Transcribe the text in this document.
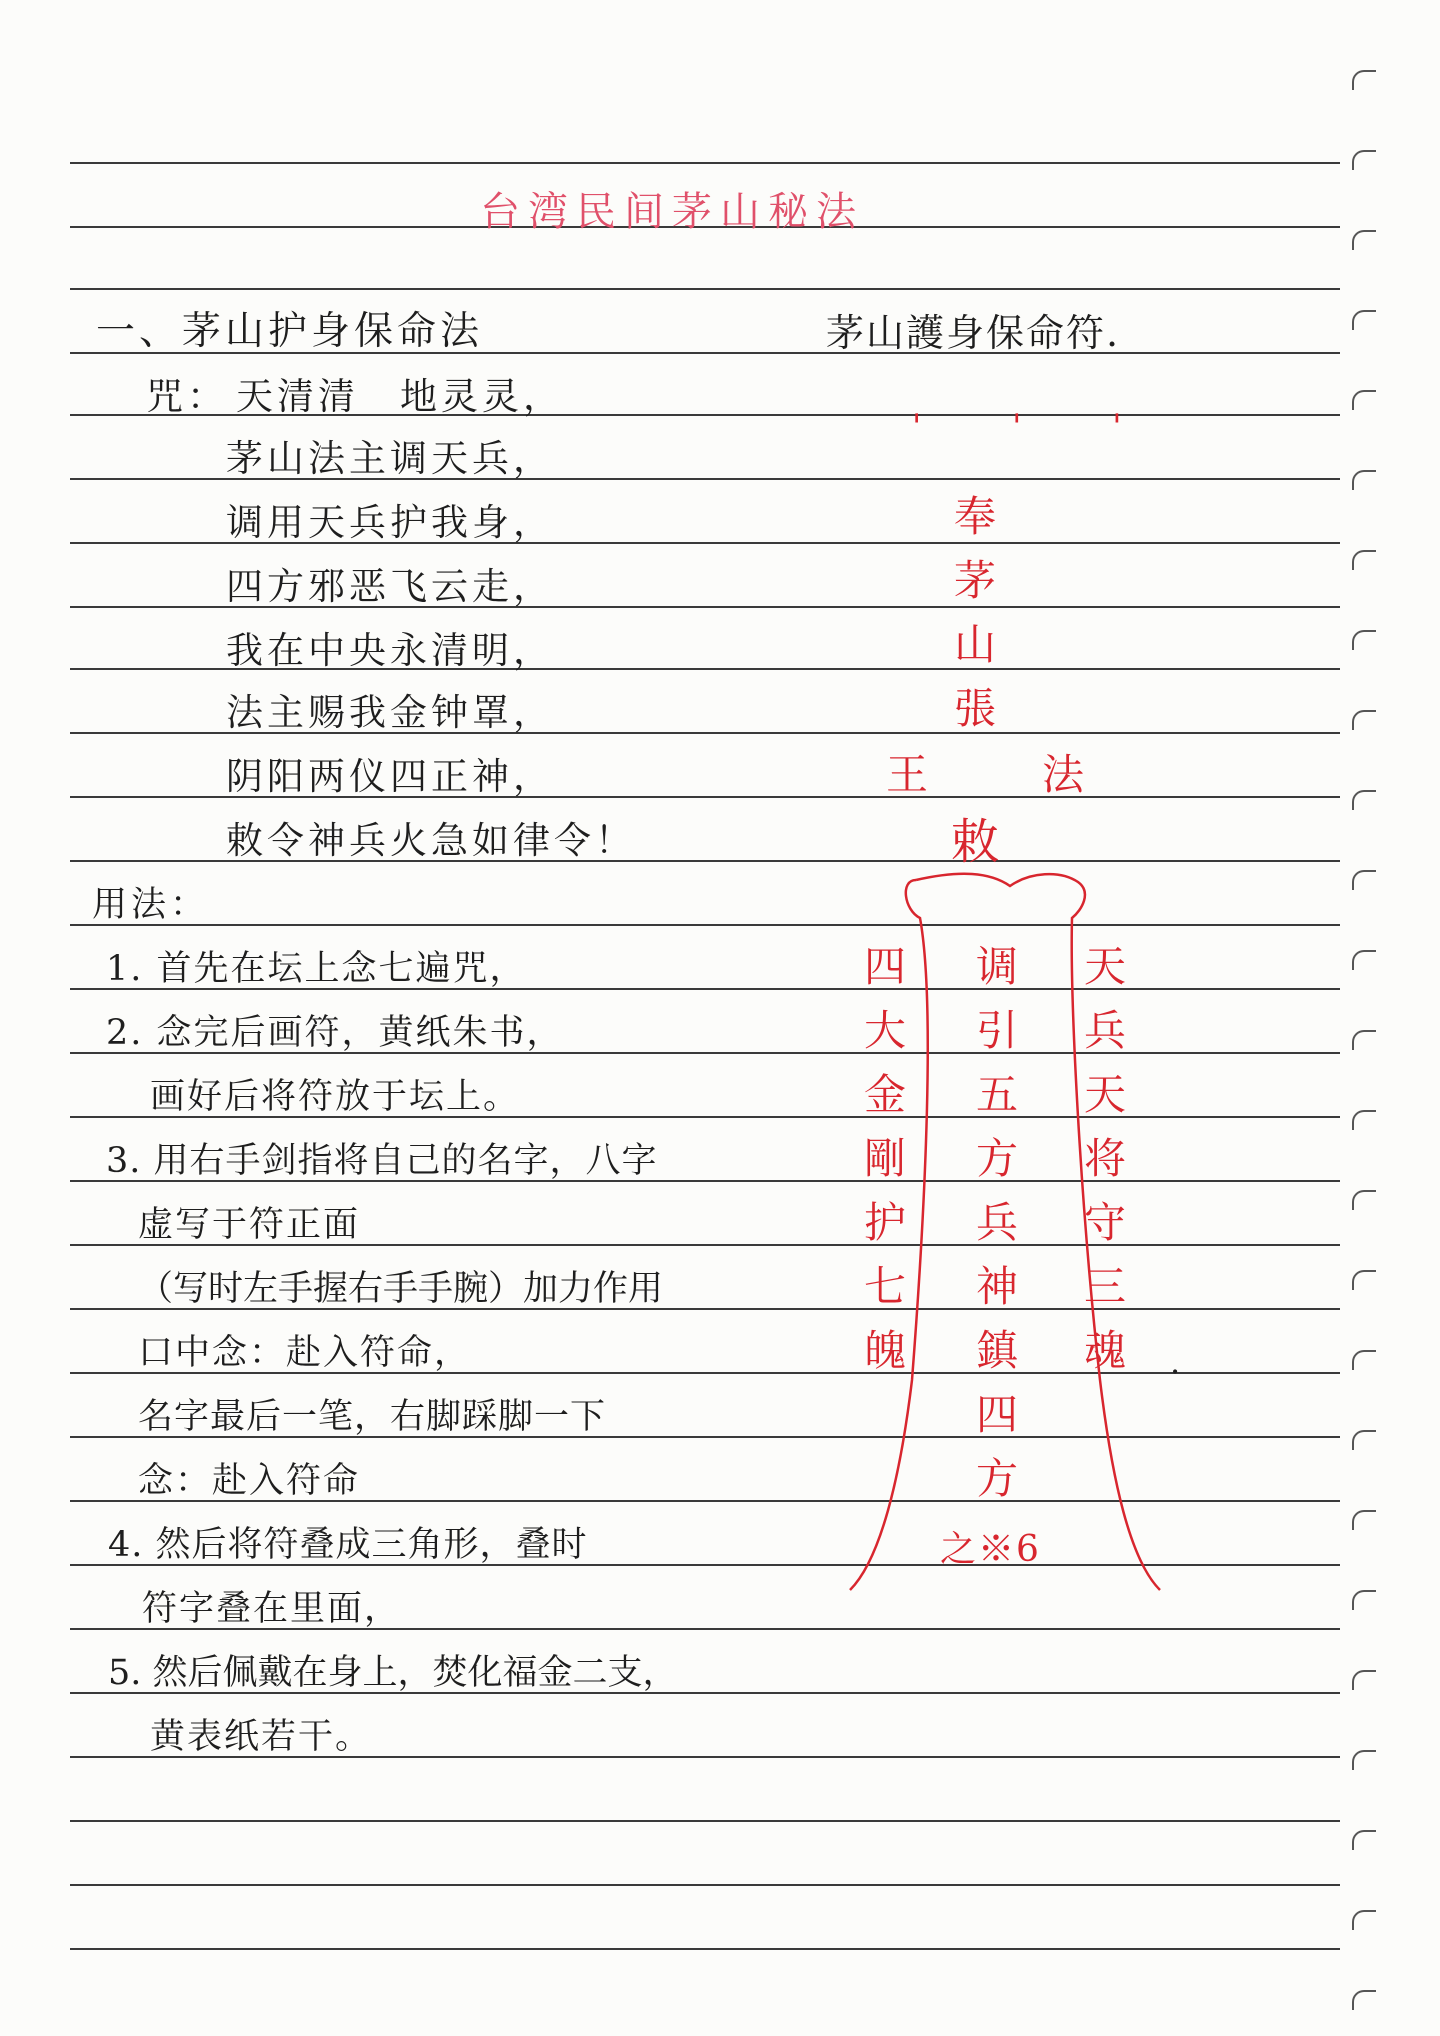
台湾民间茅山秘法
一、茅山护身保命法	茅山護身保命符.
咒： 天清清　地灵灵，
茅山法主调天兵，
调用天兵护我身，
四方邪恶飞云走，
我在中央永清明，
法主赐我金钟罩，
阴阳两仪四正神，
敕令神兵火急如律令！
用法：
1. 首先在坛上念七遍咒，
2. 念完后画符，黄纸朱书，
画好后将符放于坛上。
3. 用右手剑指将自己的名字，八字
虚写于符正面
（写时左手握右手手腕）加力作用
口中念：赴入符命，
名字最后一笔，右脚踩脚一下
念：赴入符命
4. 然后将符叠成三角形，叠时
符字叠在里面，
5. 然后佩戴在身上，焚化福金二支，
黄表纸若干。
' ' '
奉
茅
山
張
王	法
敕
四
大
金
剛
护
七
魄
调
引
五
方
兵
神
鎮
四
方
天
兵
天
将
守
三
魂 .
之※6
